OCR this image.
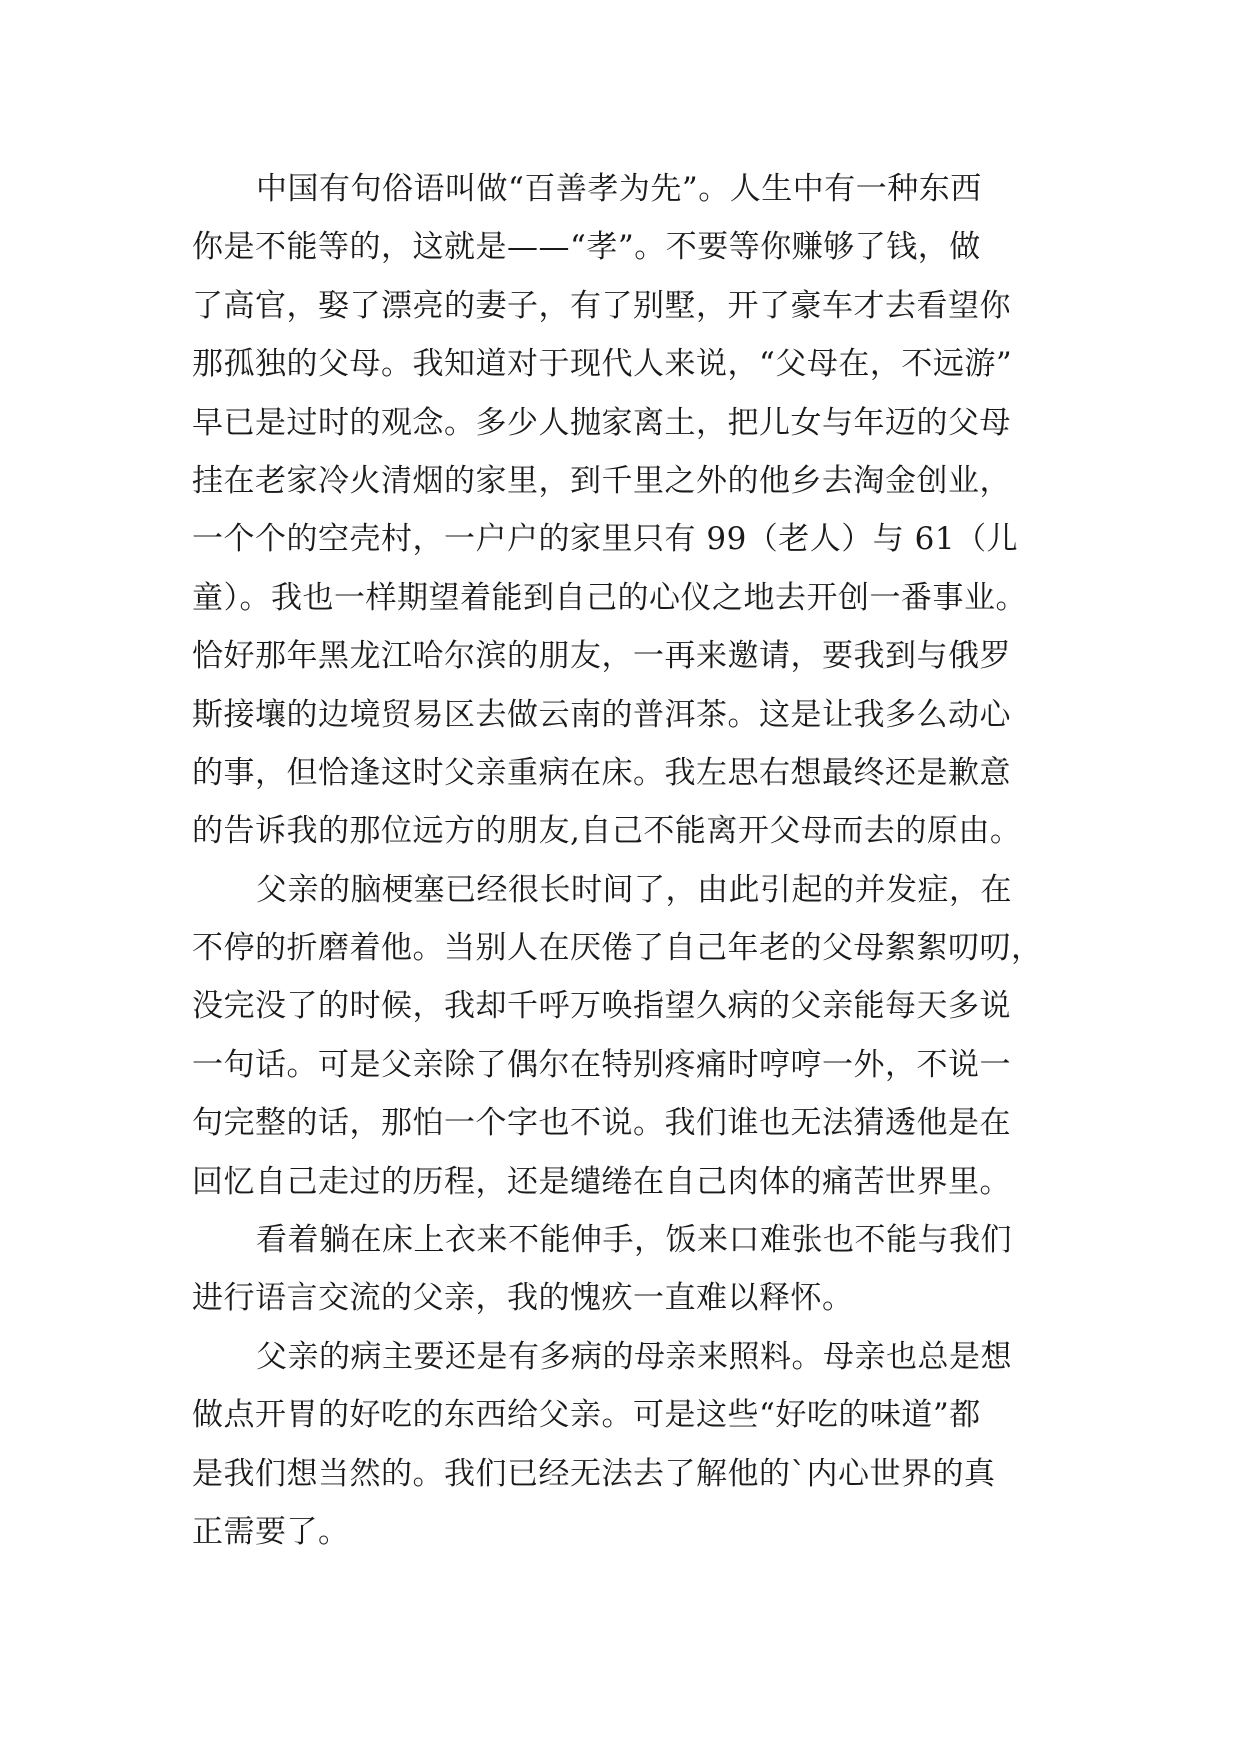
中国有句俗语叫做“百善孝为先”。人生中有一种东西
你是不能等的，这就是——“孝”。不要等你赚够了钱，做
了高官，娶了漂亮的妻子，有了别墅，开了豪车才去看望你
那孤独的父母。我知道对于现代人来说，“父母在，不远游”
早已是过时的观念。多少人抛家离土，把儿女与年迈的父母
挂在老家冷火清烟的家里，到千里之外的他乡去淘金创业，
一个个的空壳村，一户户的家里只有 99（老人）与 61（儿
童）。我也一样期望着能到自己的心仪之地去开创一番事业。
恰好那年黑龙江哈尔滨的朋友，一再来邀请，要我到与俄罗
斯接壤的边境贸易区去做云南的普洱茶。这是让我多么动心
的事，但恰逢这时父亲重病在床。我左思右想最终还是歉意
的告诉我的那位远方的朋友,自己不能离开父母而去的原由。
父亲的脑梗塞已经很长时间了，由此引起的并发症，在
不停的折磨着他。当别人在厌倦了自己年老的父母絮絮叨叨，
没完没了的时候，我却千呼万唤指望久病的父亲能每天多说
一句话。可是父亲除了偶尔在特别疼痛时哼哼一外，不说一
句完整的话，那怕一个字也不说。我们谁也无法猜透他是在
回忆自己走过的历程，还是缱绻在自己肉体的痛苦世界里。
看着躺在床上衣来不能伸手，饭来口难张也不能与我们
进行语言交流的父亲，我的愧疚一直难以释怀。
父亲的病主要还是有多病的母亲来照料。母亲也总是想
做点开胃的好吃的东西给父亲。可是这些“好吃的味道”都
是我们想当然的。我们已经无法去了解他的`内心世界的真
正需要了。
